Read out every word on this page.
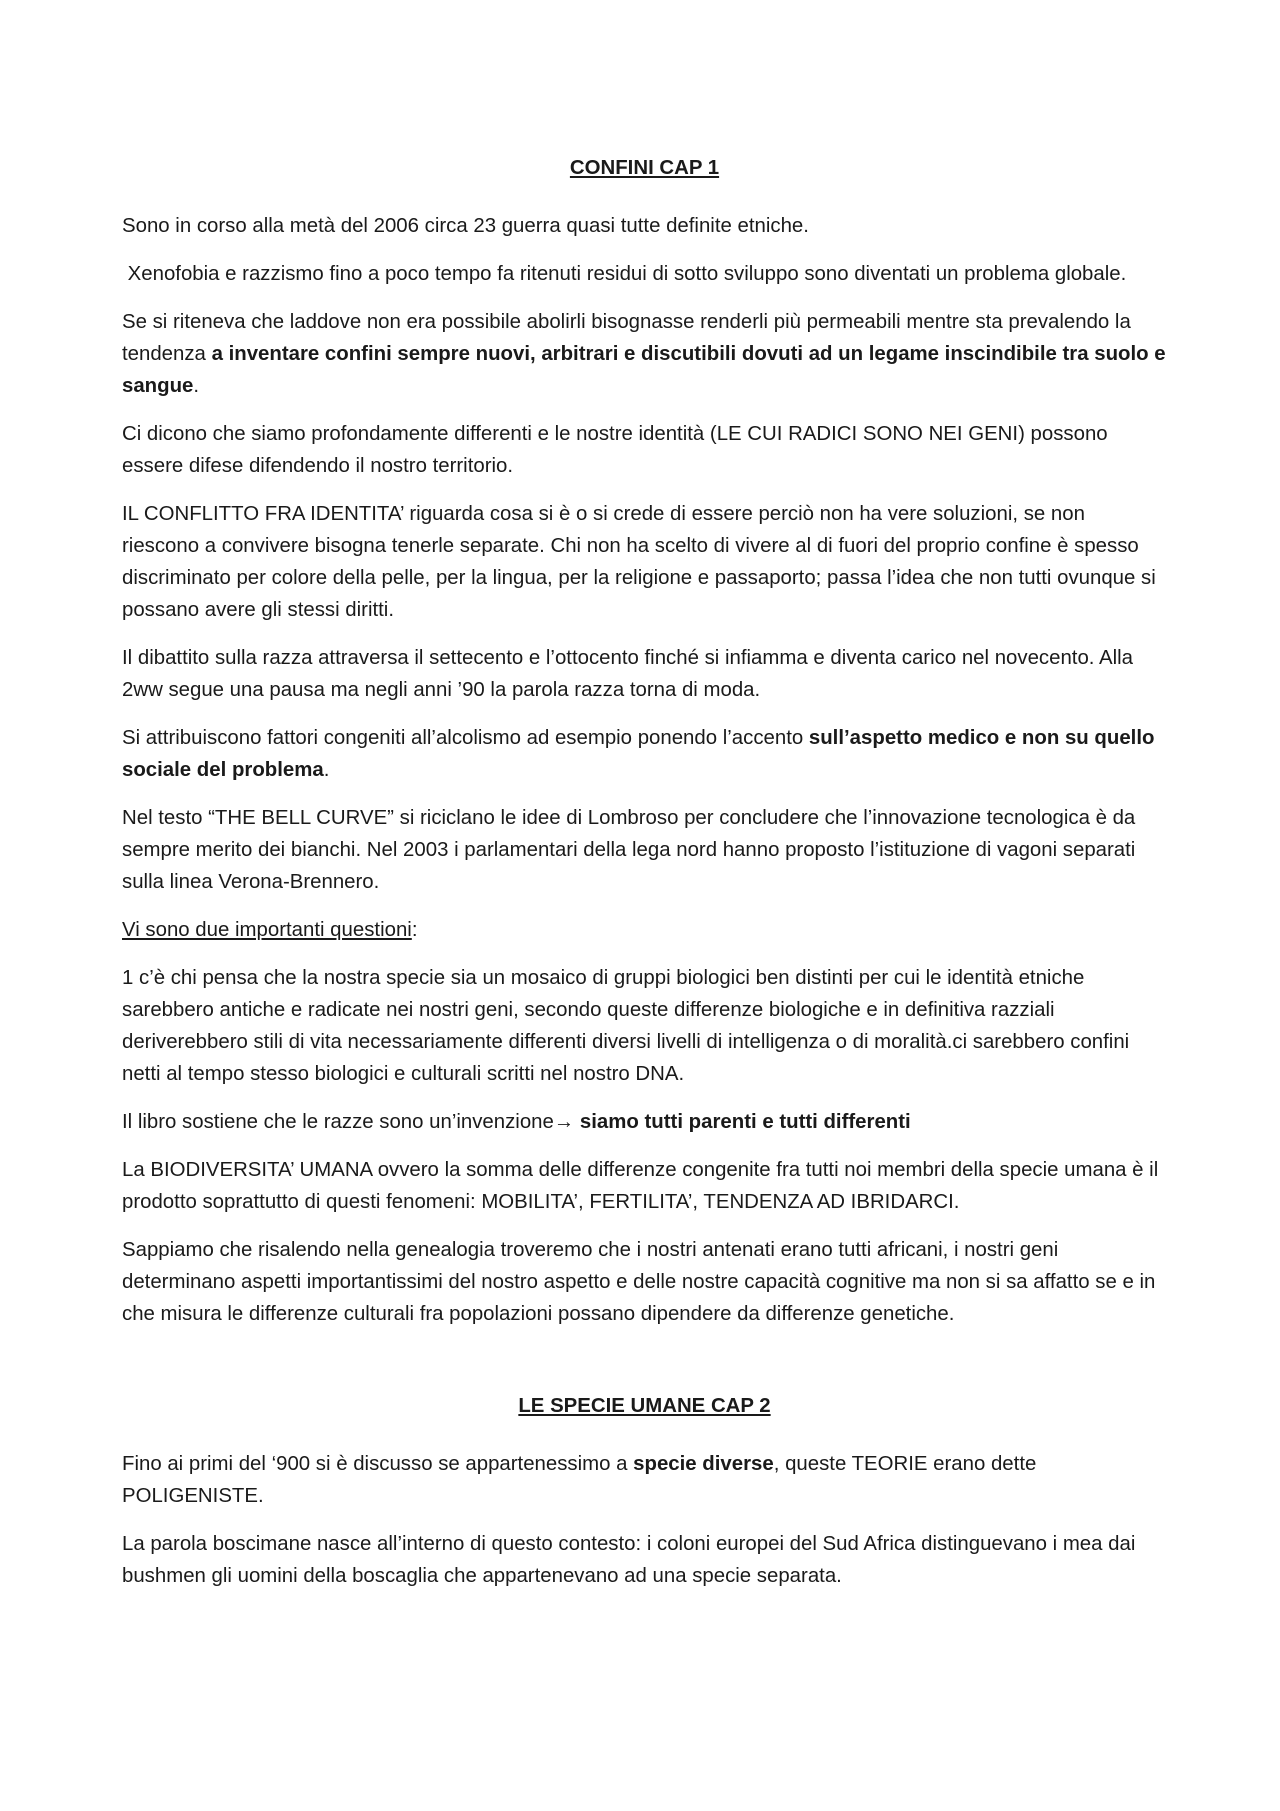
CONFINI CAP 1

Sono in corso alla metà del 2006 circa 23 guerra quasi tutte definite etniche.

Xenofobia e razzismo fino a poco tempo fa ritenuti residui di sotto sviluppo sono diventati un problema globale.

Se si riteneva che laddove non era possibile abolirli bisognasse renderli più permeabili mentre sta prevalendo la tendenza a inventare confini sempre nuovi, arbitrari e discutibili dovuti ad un legame inscindibile tra suolo e sangue.

Ci dicono che siamo profondamente differenti e le nostre identità (LE CUI RADICI SONO NEI GENI) possono essere difese difendendo il nostro territorio.

IL CONFLITTO FRA IDENTITA’ riguarda cosa si è o si crede di essere perciò non ha vere soluzioni, se non riescono a convivere bisogna tenerle separate. Chi non ha scelto di vivere al di fuori del proprio confine è spesso discriminato per colore della pelle, per la lingua, per la religione e passaporto; passa l’idea che non tutti ovunque si possano avere gli stessi diritti.

Il dibattito sulla razza attraversa il settecento e l’ottocento finché si infiamma e diventa carico nel novecento. Alla 2ww segue una pausa ma negli anni ’90 la parola razza torna di moda.

Si attribuiscono fattori congeniti all’alcolismo ad esempio ponendo l’accento sull’aspetto medico e non su quello sociale del problema.

Nel testo “THE BELL CURVE” si riciclano le idee di Lombroso per concludere che l’innovazione tecnologica è da sempre merito dei bianchi. Nel 2003 i parlamentari della lega nord hanno proposto l’istituzione di vagoni separati sulla linea Verona-Brennero.

Vi sono due importanti questioni:

1 c’è chi pensa che la nostra specie sia un mosaico di gruppi biologici ben distinti per cui le identità etniche sarebbero antiche e radicate nei nostri geni, secondo queste differenze biologiche e in definitiva razziali deriverebbero stili di vita necessariamente differenti diversi livelli di intelligenza o di moralità.ci sarebbero confini netti al tempo stesso biologici e culturali scritti nel nostro DNA.

Il libro sostiene che le razze sono un’invenzione→ siamo tutti parenti e tutti differenti

La BIODIVERSITA’ UMANA ovvero la somma delle differenze congenite fra tutti noi membri della specie umana è il prodotto soprattutto di questi fenomeni: MOBILITA’, FERTILITA’, TENDENZA AD IBRIDARCI.

Sappiamo che risalendo nella genealogia troveremo che i nostri antenati erano tutti africani, i nostri geni determinano aspetti importantissimi del nostro aspetto e delle nostre capacità cognitive ma non si sa affatto se e in che misura le differenze culturali fra popolazioni possano dipendere da differenze genetiche.

LE SPECIE UMANE CAP 2

Fino ai primi del ‘900 si è discusso se appartenessimo a specie diverse, queste TEORIE erano dette POLIGENISTE.

La parola boscimane nasce all’interno di questo contesto: i coloni europei del Sud Africa distinguevano i mea dai bushmen gli uomini della boscaglia che appartenevano ad una specie separata.
